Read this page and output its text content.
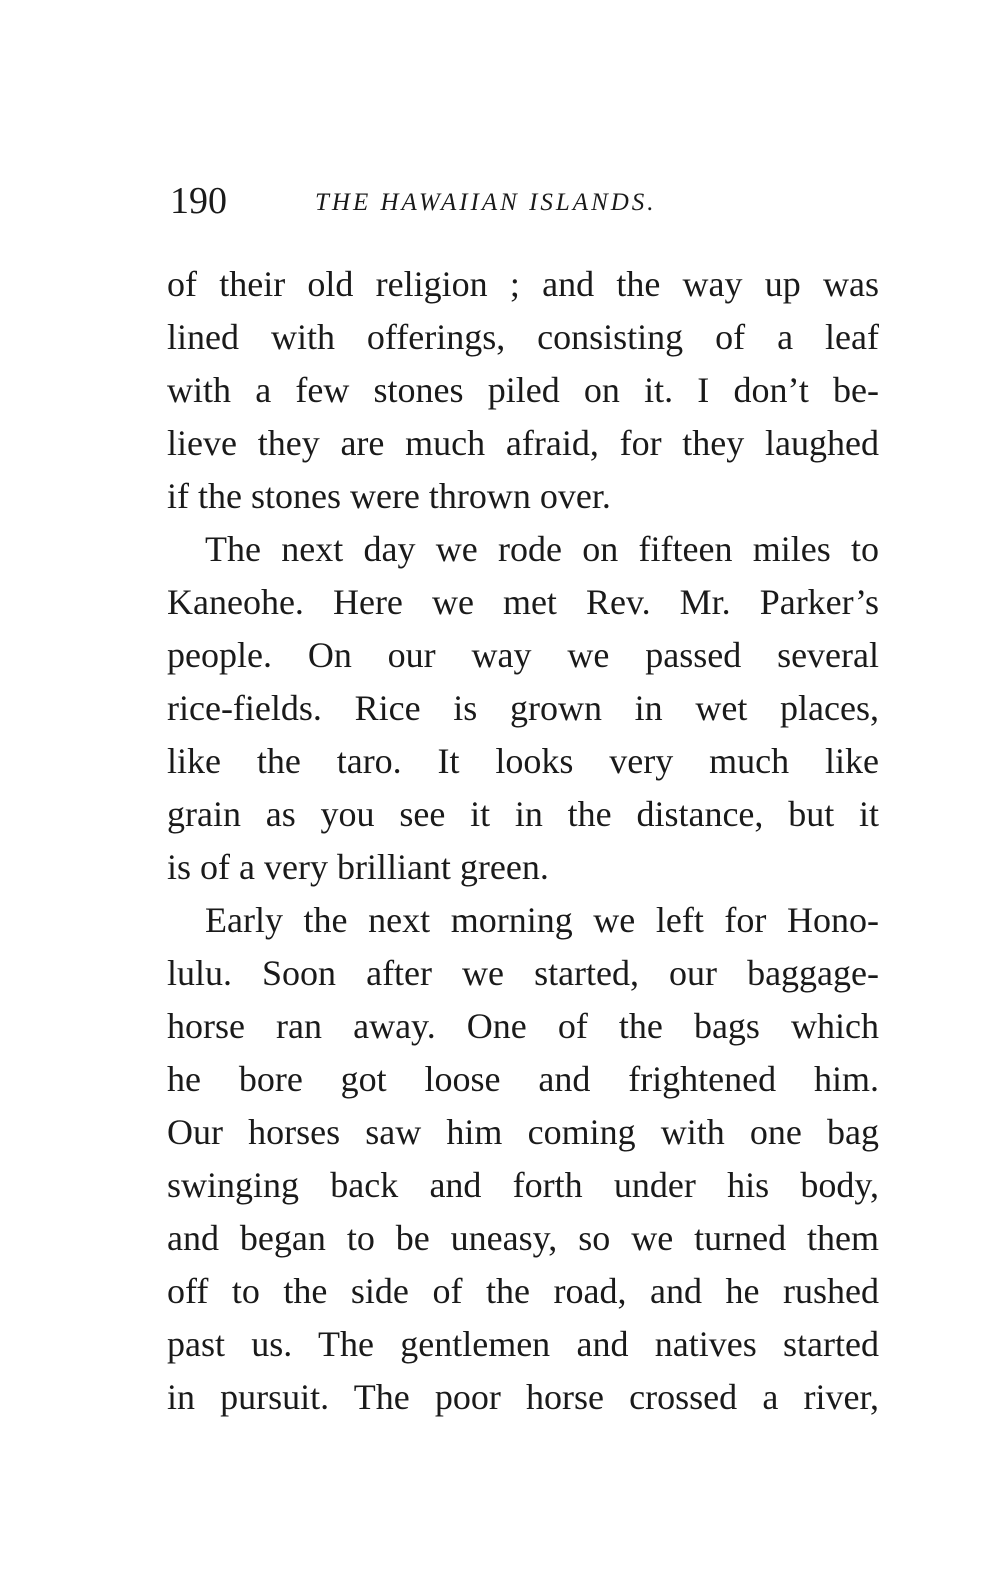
190	THE HAWAIIAN ISLANDS.
of their old religion ; and the way up was
lined with offerings, consisting of a leaf
with a few stones piled on it. I don’t be-
lieve they are much afraid, for they laughed
if the stones were thrown over.
The next day we rode on fifteen miles to
Kaneohe. Here we met Rev. Mr. Parker’s
people. On our way we passed several
rice-fields. Rice is grown in wet places,
like the taro. It looks very much like
grain as you see it in the distance, but it
is of a very brilliant green.
Early the next morning we left for Hono-
lulu. Soon after we started, our baggage-
horse ran away. One of the bags which
he bore got loose and frightened him.
Our horses saw him coming with one bag
swinging back and forth under his body,
and began to be uneasy, so we turned them
off to the side of the road, and he rushed
past us. The gentlemen and natives started
in pursuit. The poor horse crossed a river,
